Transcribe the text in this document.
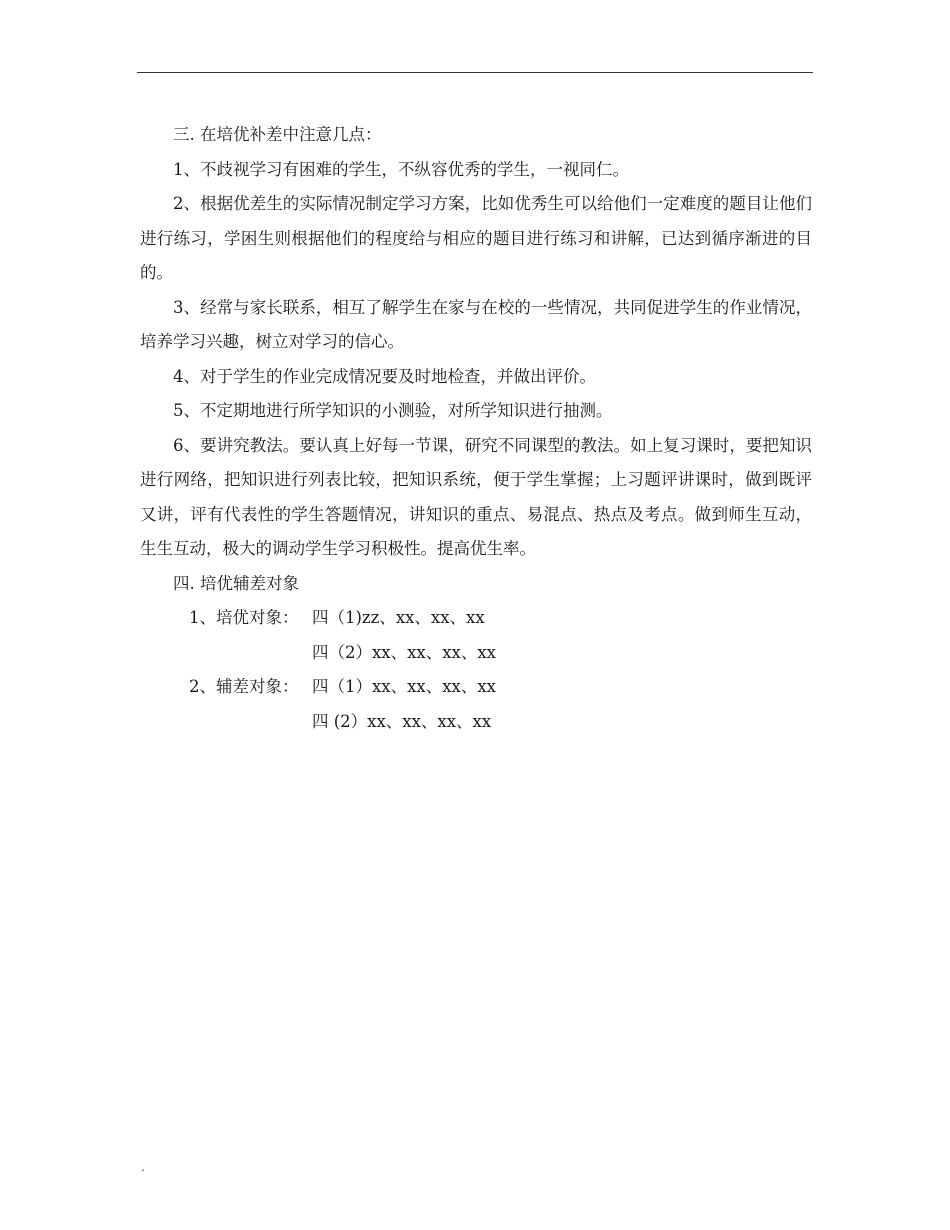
三. 在培优补差中注意几点：

1、不歧视学习有困难的学生，不纵容优秀的学生，一视同仁。

2、根据优差生的实际情况制定学习方案，比如优秀生可以给他们一定难度的题目让他们进行练习，学困生则根据他们的程度给与相应的题目进行练习和讲解，已达到循序渐进的目的。

3、经常与家长联系，相互了解学生在家与在校的一些情况，共同促进学生的作业情况，培养学习兴趣，树立对学习的信心。

4、对于学生的作业完成情况要及时地检查，并做出评价。

5、不定期地进行所学知识的小测验，对所学知识进行抽测。

6、要讲究教法。要认真上好每一节课，研究不同课型的教法。如上复习课时，要把知识进行网络，把知识进行列表比较，把知识系统，便于学生掌握；上习题评讲课时，做到既评又讲，评有代表性的学生答题情况，讲知识的重点、易混点、热点及考点。做到师生互动，生生互动，极大的调动学生学习积极性。提高优生率。

四. 培优辅差对象

1、培优对象： 四（1)zz、xx、xx、xx
四（2）xx、xx、xx、xx
2、辅差对象： 四（1）xx、xx、xx、xx
四 (2）xx、xx、xx、xx
.
